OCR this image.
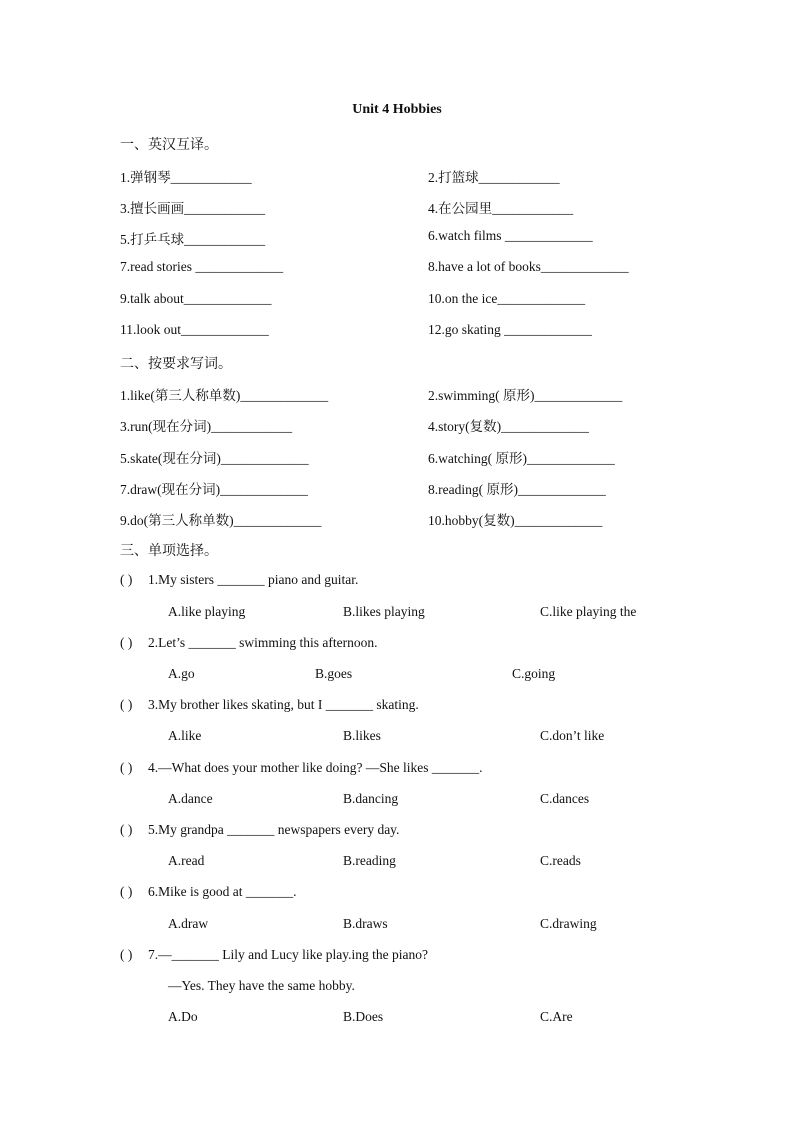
Unit 4 Hobbies
一、英汉互译。
1.弹钢琴____________	2.打篮球____________
3.擅长画画____________	4.在公园里____________
5.打乒乓球____________	6.watch films _____________
7.read stories _____________	8.have a lot of books_____________
9.talk about_____________	10.on the ice_____________
11.look out_____________	12.go skating _____________
二、按要求写词。
1.like(第三人称单数)_____________	2.swimming( 原形)_____________
3.run(现在分词)____________	4.story(复数)_____________
5.skate(现在分词)_____________	6.watching( 原形)_____________
7.draw(现在分词)_____________	8.reading( 原形)_____________
9.do(第三人称单数)_____________	10.hobby(复数)_____________
三、单项选择。
( ) 1.My sisters _______ piano and guitar.
A.like playing	B.likes playing	C.like playing the
( ) 2.Let’s _______ swimming this afternoon.
A.go	B.goes	C.going
( ) 3.My brother likes skating, but I _______ skating.
A.like	B.likes	C.don’t like
( ) 4.—What does your mother like doing? —She likes _______.
A.dance	B.dancing	C.dances
( ) 5.My grandpa _______ newspapers every day.
A.read	B.reading	C.reads
( ) 6.Mike is good at _______.
A.draw	B.draws	C.drawing
( ) 7.—_______ Lily and Lucy like play.ing the piano?
—Yes. They have the same hobby.
A.Do	B.Does	C.Are
